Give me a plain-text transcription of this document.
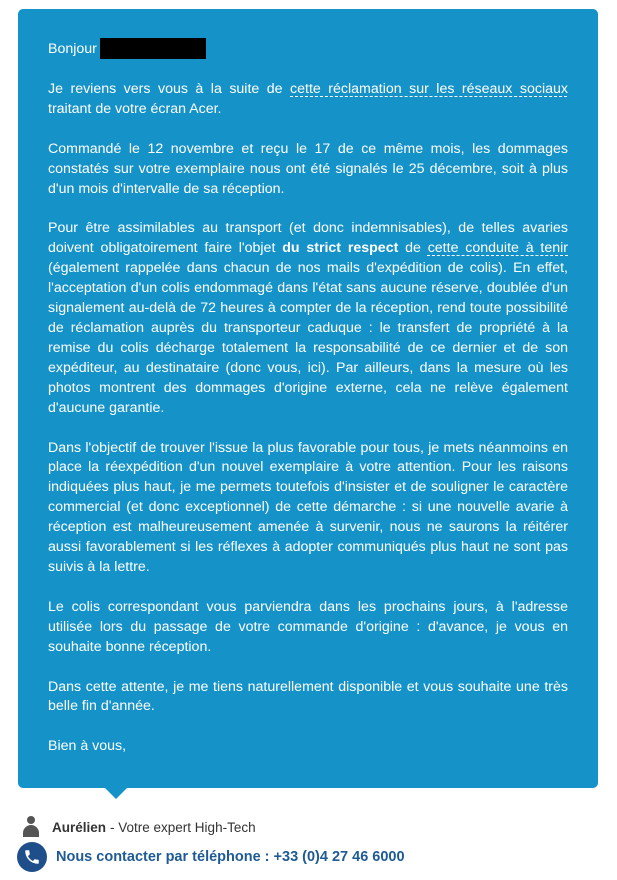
Bonjour

Je reviens vers vous à la suite de cette réclamation sur les réseaux sociaux traitant de votre écran Acer.

Commandé le 12 novembre et reçu le 17 de ce même mois, les dommages constatés sur votre exemplaire nous ont été signalés le 25 décembre, soit à plus d'un mois d'intervalle de sa réception.

Pour être assimilables au transport (et donc indemnisables), de telles avaries doivent obligatoirement faire l'objet du strict respect de cette conduite à tenir (également rappelée dans chacun de nos mails d'expédition de colis). En effet, l'acceptation d'un colis endommagé dans l'état sans aucune réserve, doublée d'un signalement au-delà de 72 heures à compter de la réception, rend toute possibilité de réclamation auprès du transporteur caduque : le transfert de propriété à la remise du colis décharge totalement la responsabilité de ce dernier et de son expéditeur, au destinataire (donc vous, ici). Par ailleurs, dans la mesure où les photos montrent des dommages d'origine externe, cela ne relève également d'aucune garantie.

Dans l'objectif de trouver l'issue la plus favorable pour tous, je mets néanmoins en place la réexpédition d'un nouvel exemplaire à votre attention. Pour les raisons indiquées plus haut, je me permets toutefois d'insister et de souligner le caractère commercial (et donc exceptionnel) de cette démarche : si une nouvelle avarie à réception est malheureusement amenée à survenir, nous ne saurons la réitérer aussi favorablement si les réflexes à adopter communiqués plus haut ne sont pas suivis à la lettre.

Le colis correspondant vous parviendra dans les prochains jours, à l'adresse utilisée lors du passage de votre commande d'origine : d'avance, je vous en souhaite bonne réception.

Dans cette attente, je me tiens naturellement disponible et vous souhaite une très belle fin d'année.

Bien à vous,

Aurélien - Votre expert High-Tech
Nous contacter par téléphone : +33 (0)4 27 46 6000
